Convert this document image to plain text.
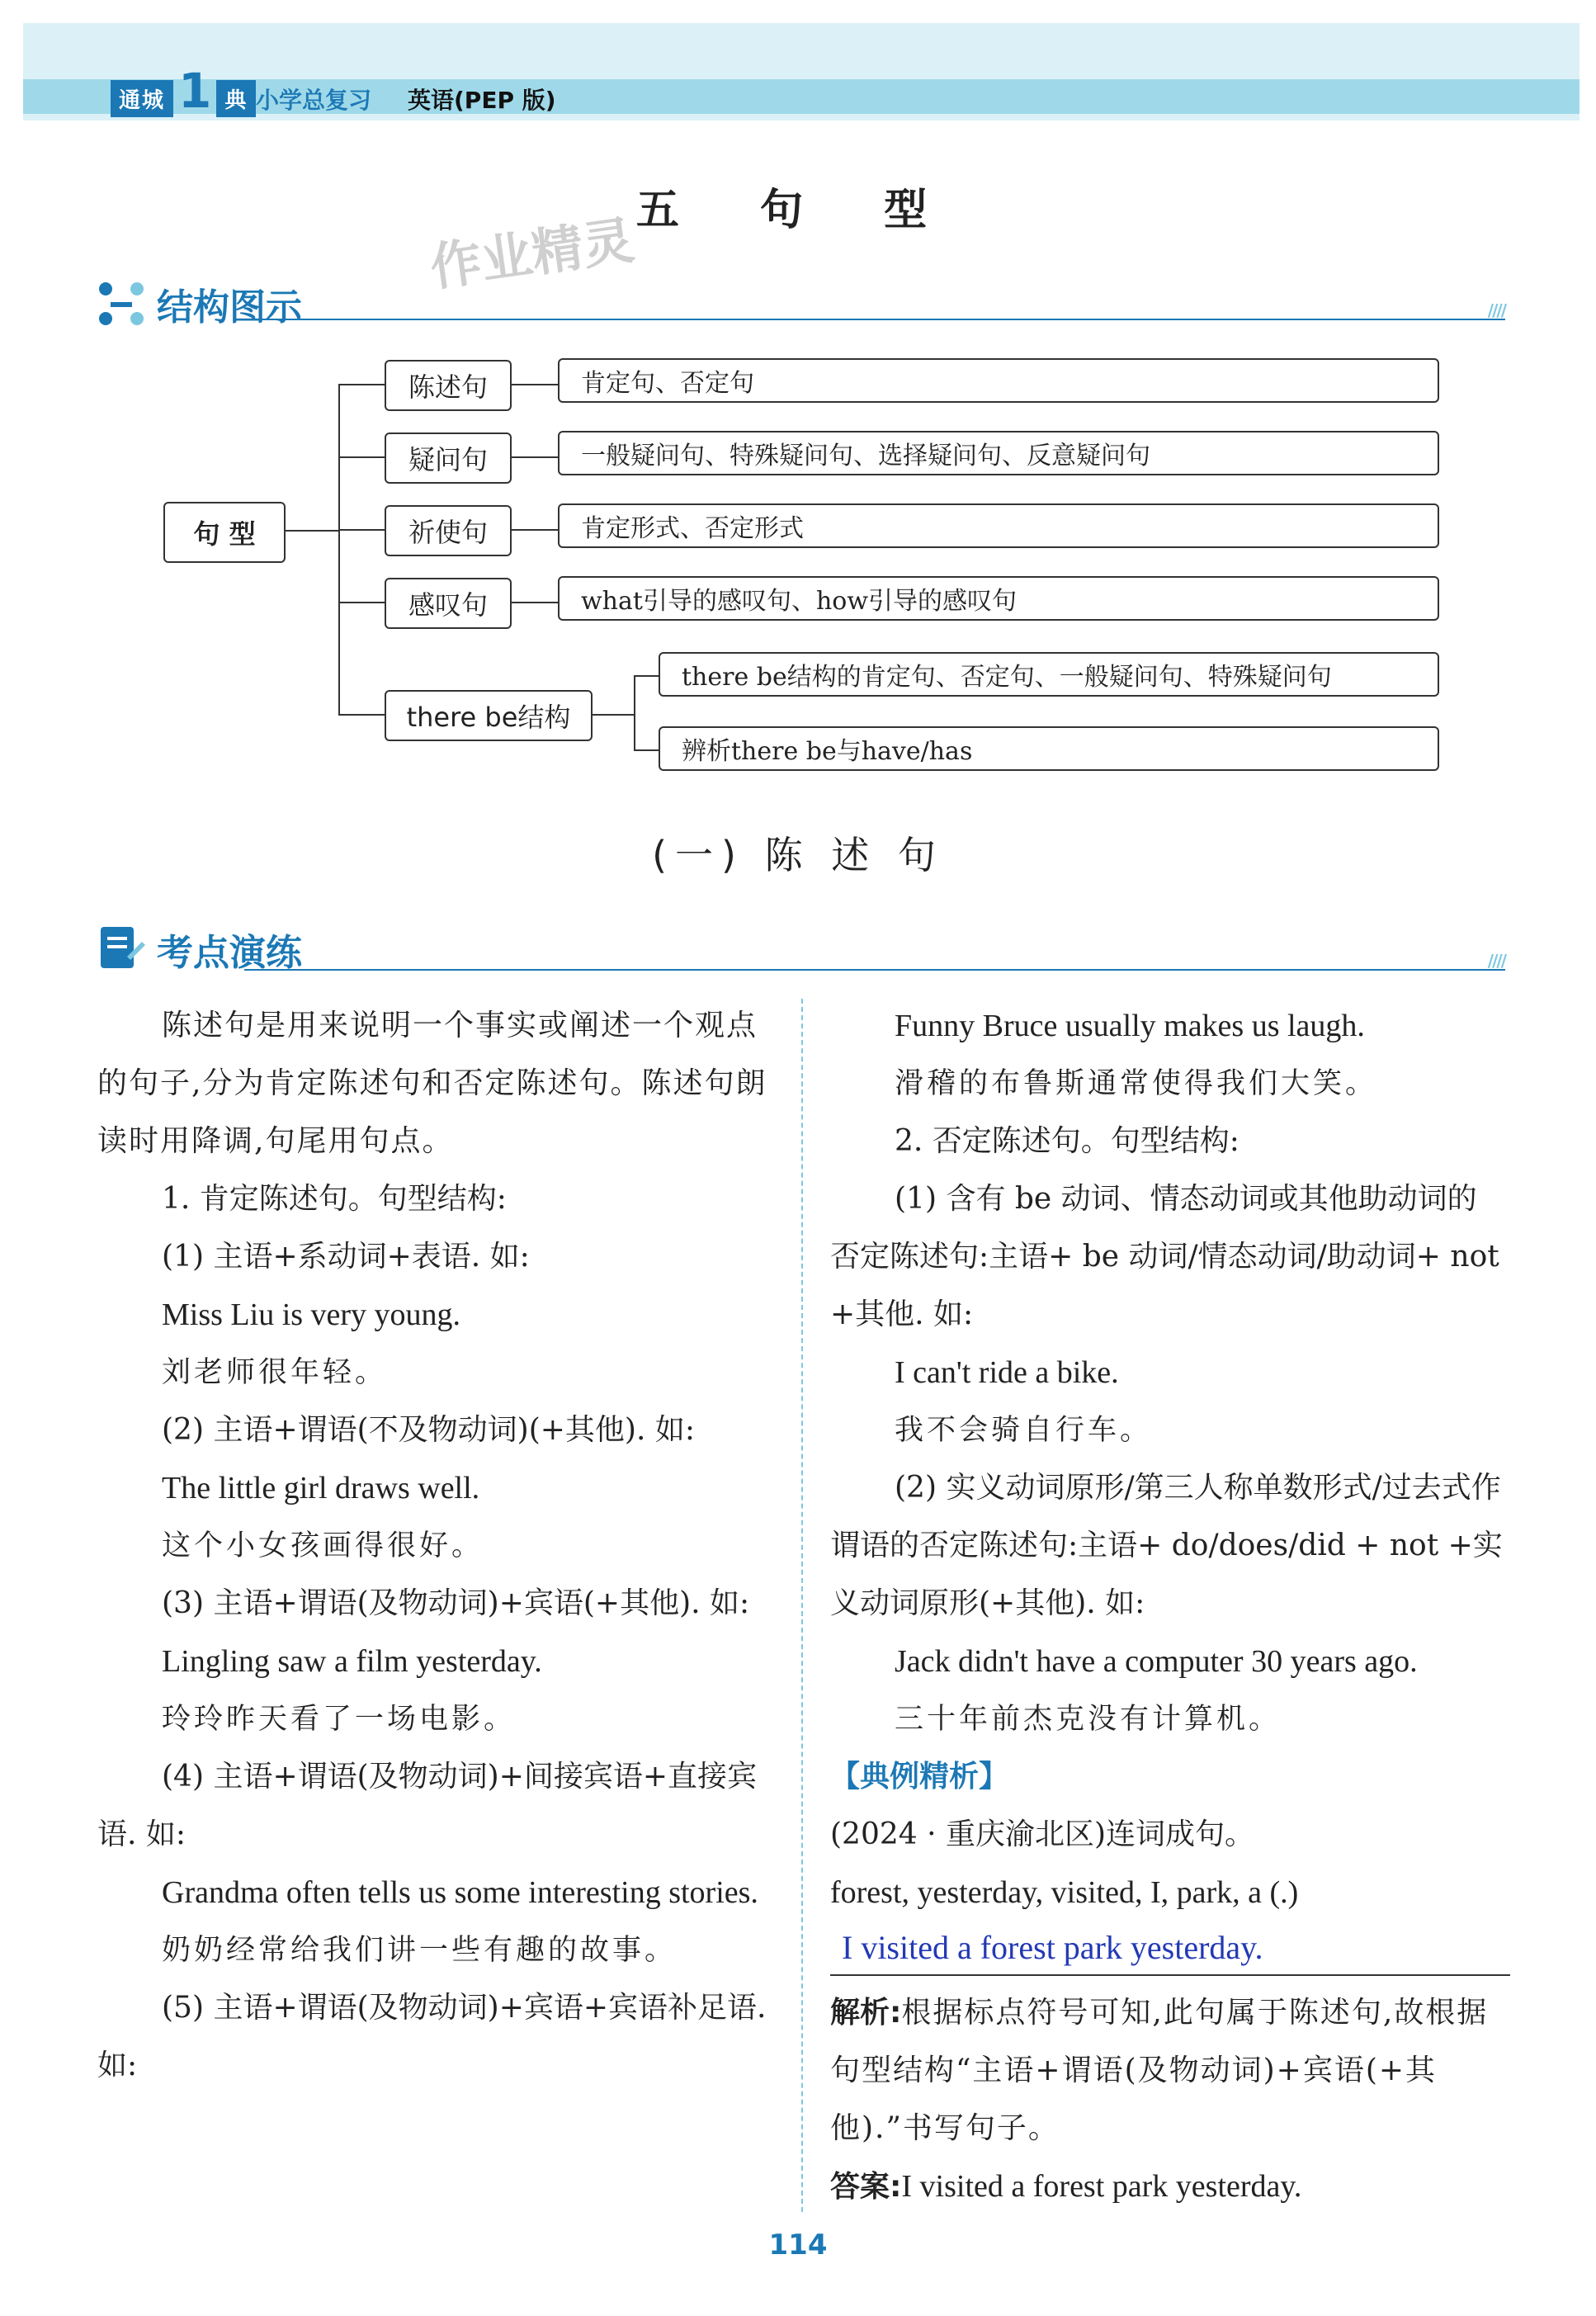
通城 1 典 小学总复习 英语(PEP 版)
五 句 型
作业精灵
结构图示	////
句 型
陈述句	肯定句、否定句
疑问句	一般疑问句、特殊疑问句、选择疑问句、反意疑问句
祈使句	肯定形式、否定形式
感叹句	what引导的感叹句、how引导的感叹句
there be结构
there be结构的肯定句、否定句、一般疑问句、特殊疑问句
辨析there be与have/has
(一) 陈 述 句
考点演练	////

陈述句是用来说明一个事实或阐述一个观点的句子,分为肯定陈述句和否定陈述句。陈述句朗读时用降调,句尾用句点。

1. 肯定陈述句。句型结构:

(1) 主语+系动词+表语. 如:

Miss Liu is very young.

刘老师很年轻。

(2) 主语+谓语(不及物动词)(+其他). 如:

The little girl draws well.

这个小女孩画得很好。

(3) 主语+谓语(及物动词)+宾语(+其他). 如:

Lingling saw a film yesterday.

玲玲昨天看了一场电影。

(4) 主语+谓语(及物动词)+间接宾语+直接宾语. 如:

Grandma often tells us some interesting stories.

奶奶经常给我们讲一些有趣的故事。

(5) 主语+谓语(及物动词)+宾语+宾语补足语. 如:

Funny Bruce usually makes us laugh.

滑稽的布鲁斯通常使得我们大笑。

2. 否定陈述句。句型结构:

(1) 含有 be 动词、情态动词或其他助动词的否定陈述句:主语+ be 动词/情态动词/助动词+ not +其他. 如:

I can't ride a bike.

我不会骑自行车。

(2) 实义动词原形/第三人称单数形式/过去式作谓语的否定陈述句:主语+ do/does/did + not +实义动词原形(+其他). 如:

Jack didn't have a computer 30 years ago.

三十年前杰克没有计算机。

【典例精析】

(2024 · 重庆渝北区)连词成句。

forest, yesterday, visited, I, park, a (.)

I visited a forest park yesterday.

解析:根据标点符号可知,此句属于陈述句,故根据句型结构“主语+谓语(及物动词)+宾语(+其他).”书写句子。

答案:I visited a forest park yesterday.

114
